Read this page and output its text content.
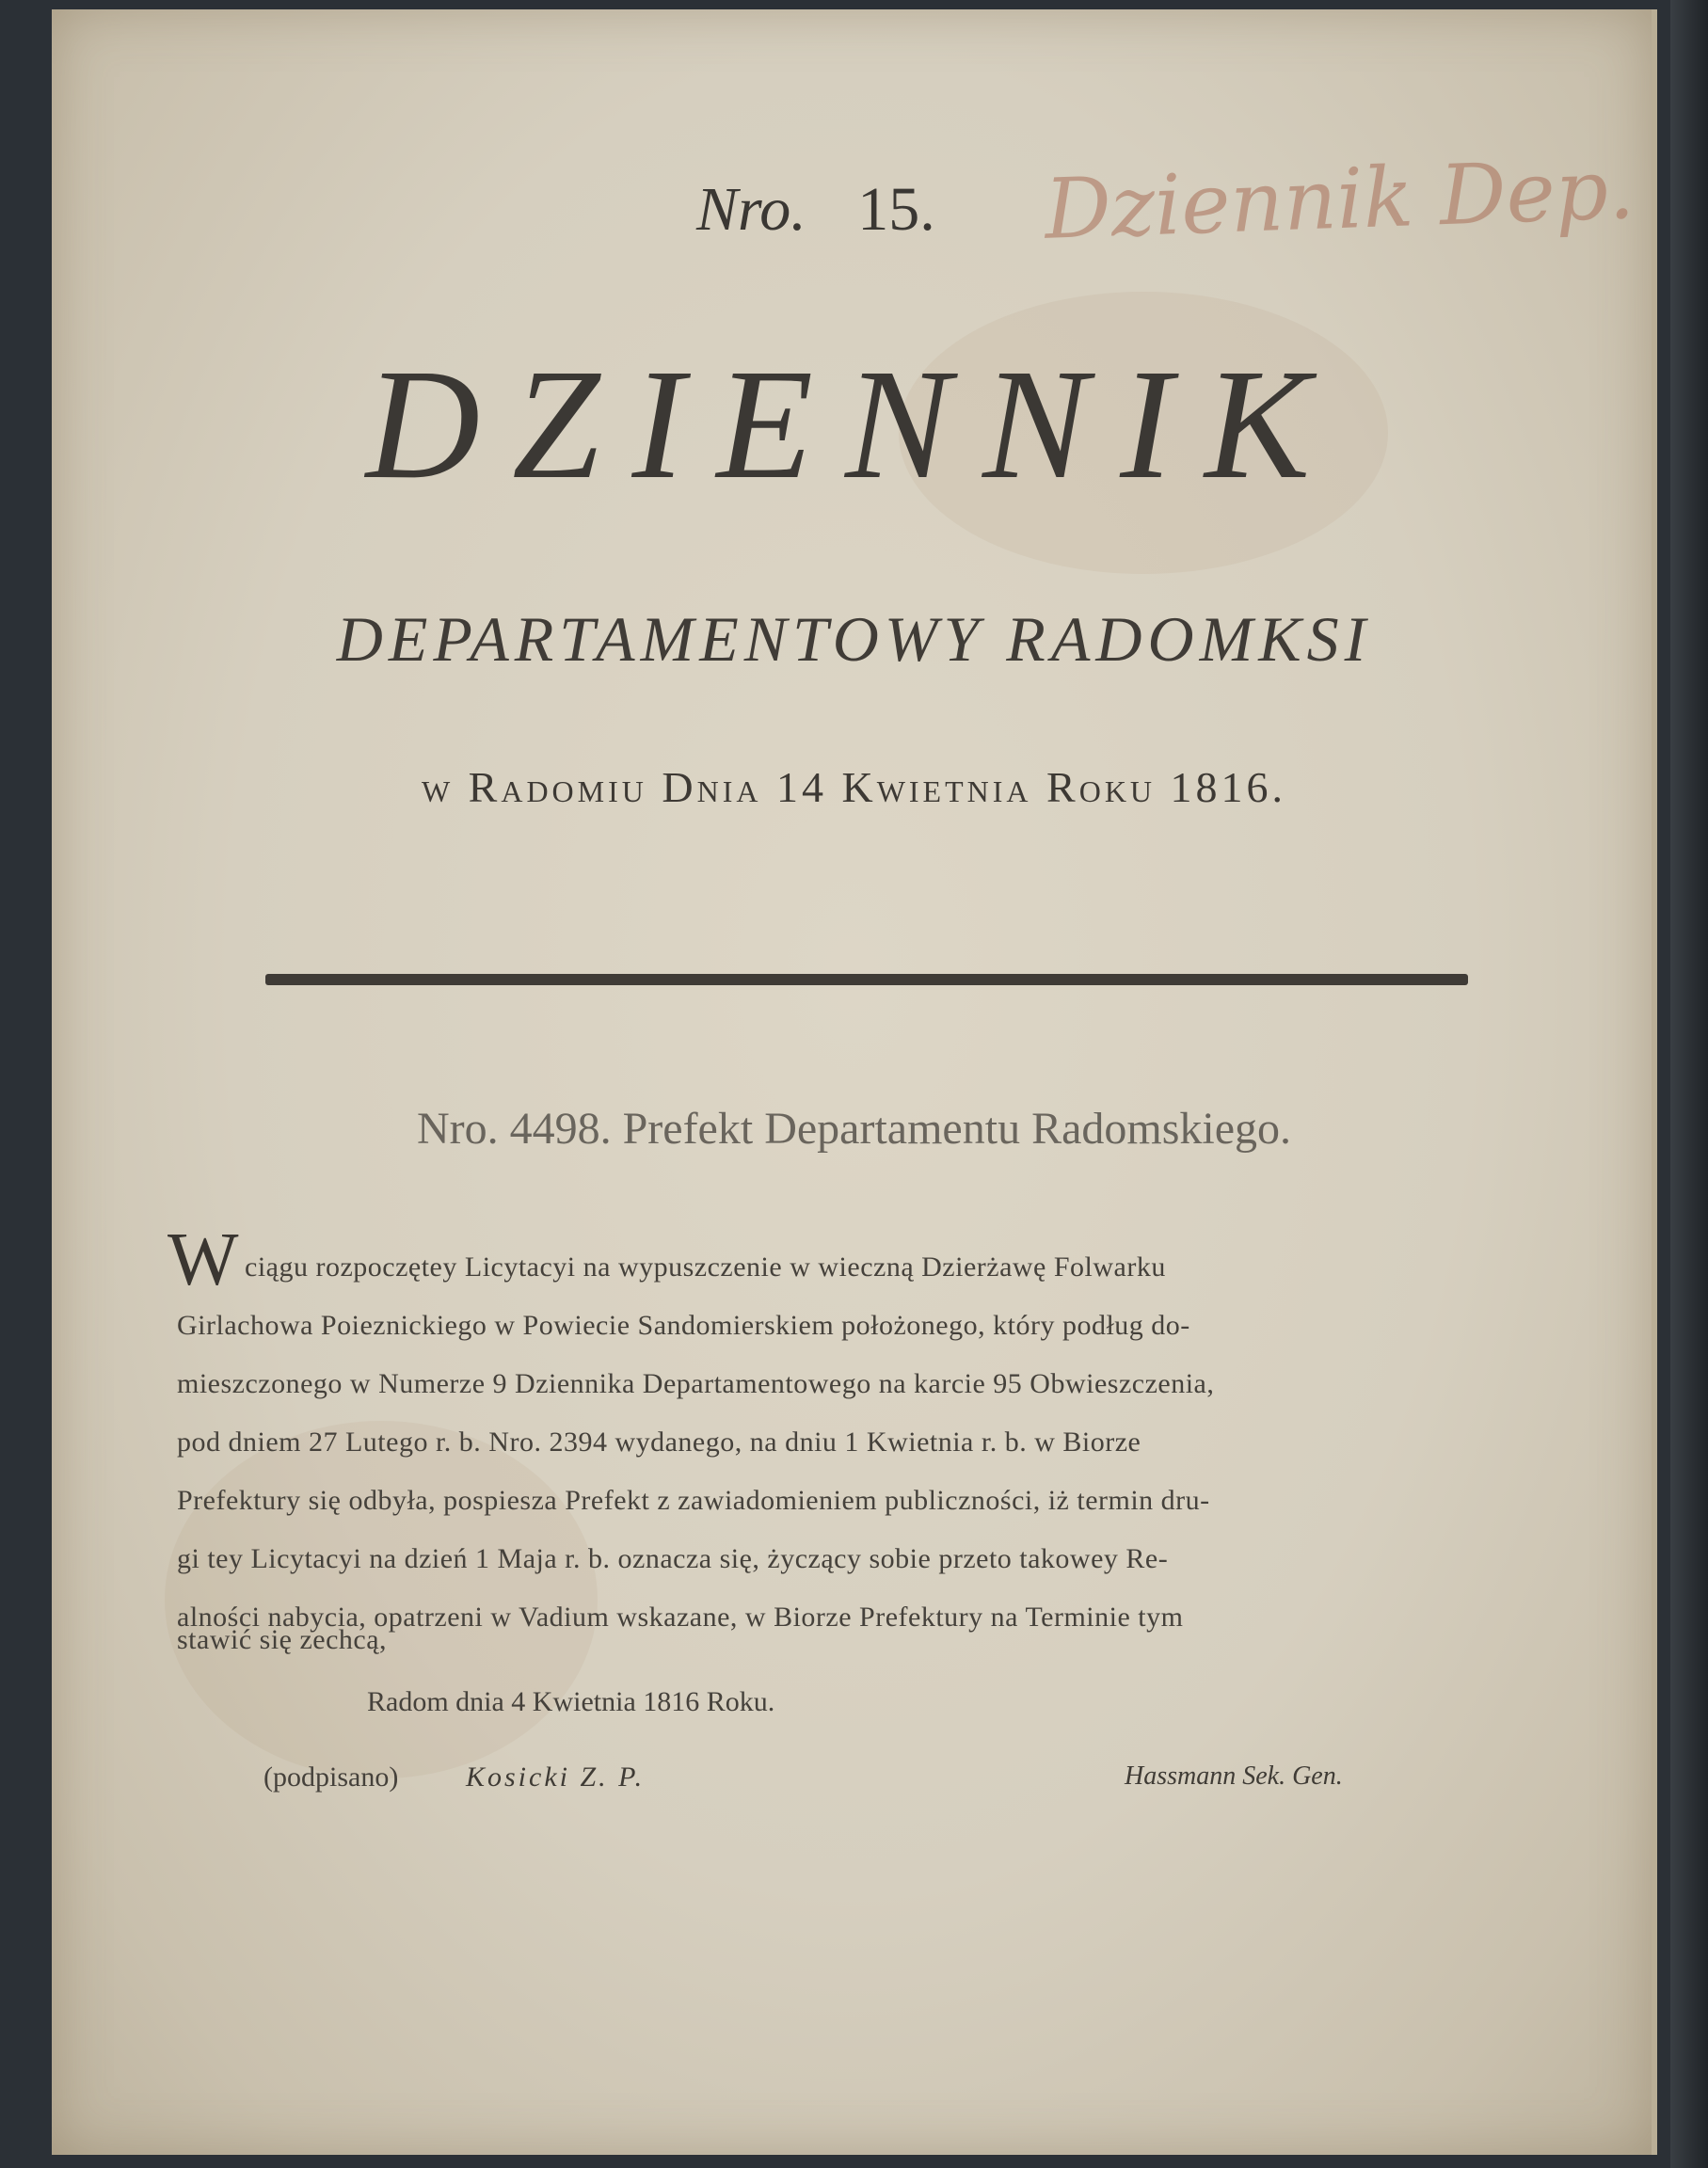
Dziennik Dep.
Nro. 15.
DZIENNIK
DEPARTAMENTOWY RADOMKSI
w Radomiu Dnia 14 Kwietnia Roku 1816.
Nro. 4498. Prefekt Departamentu Radomskiego.
W ciągu rozpoczętey Licytacyi na wypuszczenie w wieczną Dzierżawę Folwarku
Girlachowa Poieznickiego w Powiecie Sandomierskiem położonego, który podług do-
mieszczonego w Numerze 9 Dziennika Departamentowego na karcie 95 Obwieszczenia,
pod dniem 27 Lutego r. b. Nro. 2394 wydanego, na dniu 1 Kwietnia r. b. w Biorze
Prefektury się odbyła, pospiesza Prefekt z zawiadomieniem publiczności, iż termin dru-
gi tey Licytacyi na dzień 1 Maja r. b. oznacza się, życzący sobie przeto takowey Re-
alności nabycia, opatrzeni w Vadium wskazane, w Biorze Prefektury na Terminie tym
stawić się zechcą,
Radom dnia 4 Kwietnia 1816 Roku.
(podpisano) Kosicki Z. P.	Hassmann Sek. Gen.
